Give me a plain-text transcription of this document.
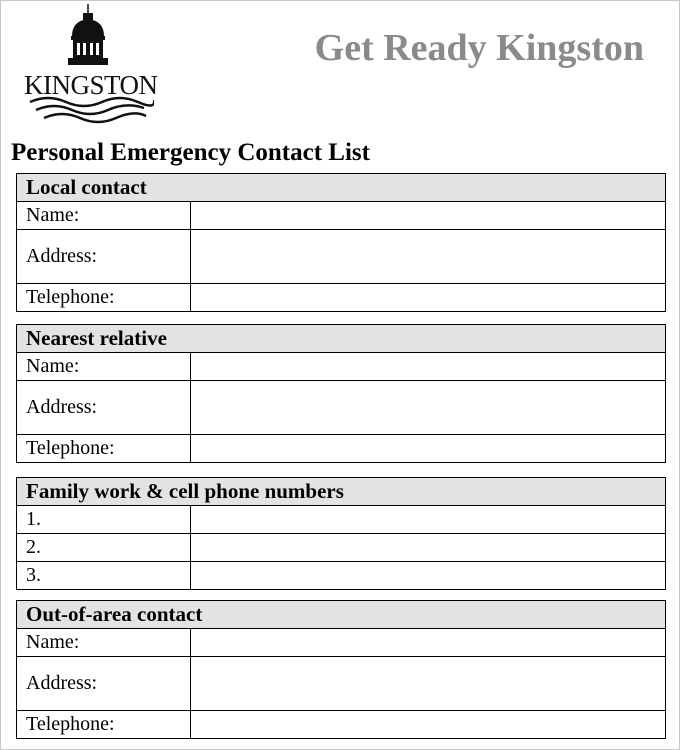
KINGSTON
Get Ready Kingston
Personal Emergency Contact List
Local contact
Name:
Address:
Telephone:
Nearest relative
Name:
Address:
Telephone:
Family work & cell phone numbers
1.
2.
3.
Out-of-area contact
Name:
Address:
Telephone:
